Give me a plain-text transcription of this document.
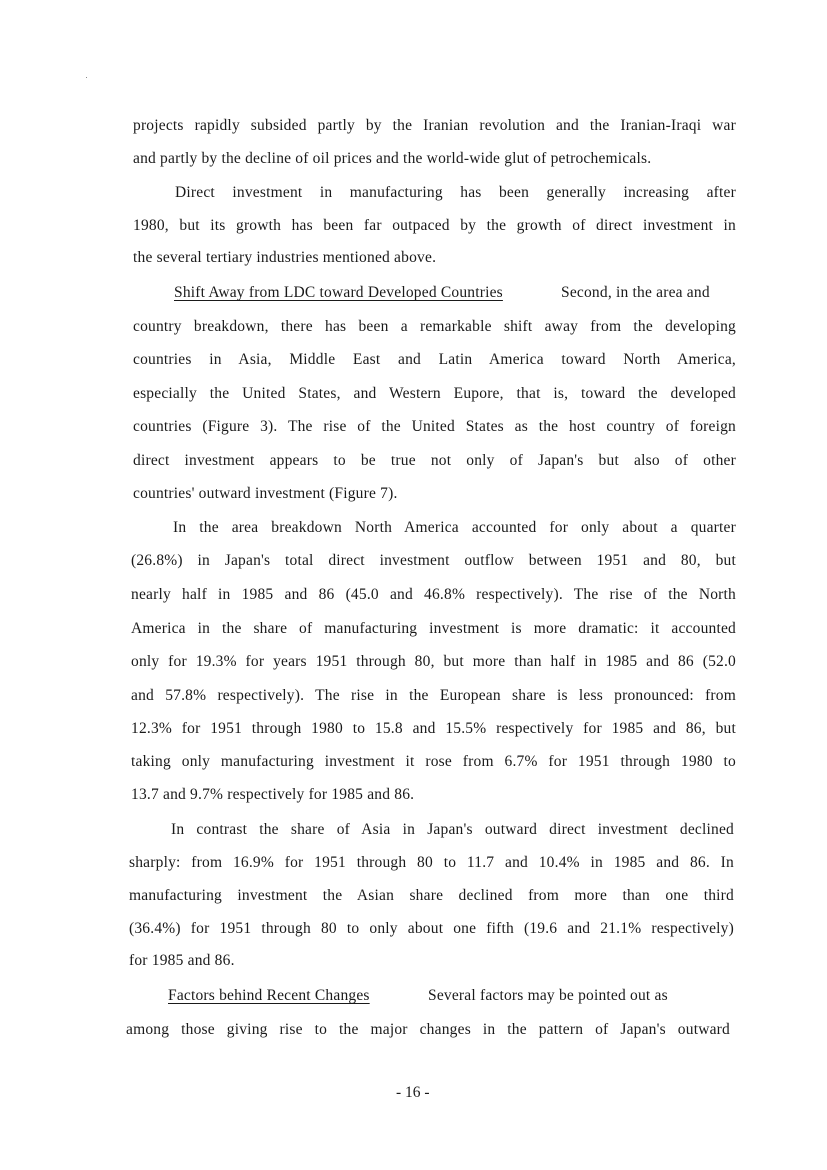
projects rapidly subsided partly by the Iranian revolution and the Iranian-Iraqi war
and partly by the decline of oil prices and the world-wide glut of petrochemicals.
Direct investment in manufacturing has been generally increasing after
1980, but its growth has been far outpaced by the growth of direct investment in
the several tertiary industries mentioned above.
Shift Away from LDC toward Developed Countries	Second, in the area and
country breakdown, there has been a remarkable shift away from the developing
countries in Asia, Middle East and Latin America toward North America,
especially the United States, and Western Eupore, that is, toward the developed
countries (Figure 3). The rise of the United States as the host country of foreign
direct investment appears to be true not only of Japan's but also of other
countries' outward investment (Figure 7).
In the area breakdown North America accounted for only about a quarter
(26.8%) in Japan's total direct investment outflow between 1951 and 80, but
nearly half in 1985 and 86 (45.0 and 46.8% respectively). The rise of the North
America in the share of manufacturing investment is more dramatic: it accounted
only for 19.3% for years 1951 through 80, but more than half in 1985 and 86 (52.0
and 57.8% respectively). The rise in the European share is less pronounced: from
12.3% for 1951 through 1980 to 15.8 and 15.5% respectively for 1985 and 86, but
taking only manufacturing investment it rose from 6.7% for 1951 through 1980 to
13.7 and 9.7% respectively for 1985 and 86.
In contrast the share of Asia in Japan's outward direct investment declined
sharply: from 16.9% for 1951 through 80 to 11.7 and 10.4% in 1985 and 86. In
manufacturing investment the Asian share declined from more than one third
(36.4%) for 1951 through 80 to only about one fifth (19.6 and 21.1% respectively)
for 1985 and 86.
Factors behind Recent Changes	Several factors may be pointed out as
among those giving rise to the major changes in the pattern of Japan's outward
- 16 -
